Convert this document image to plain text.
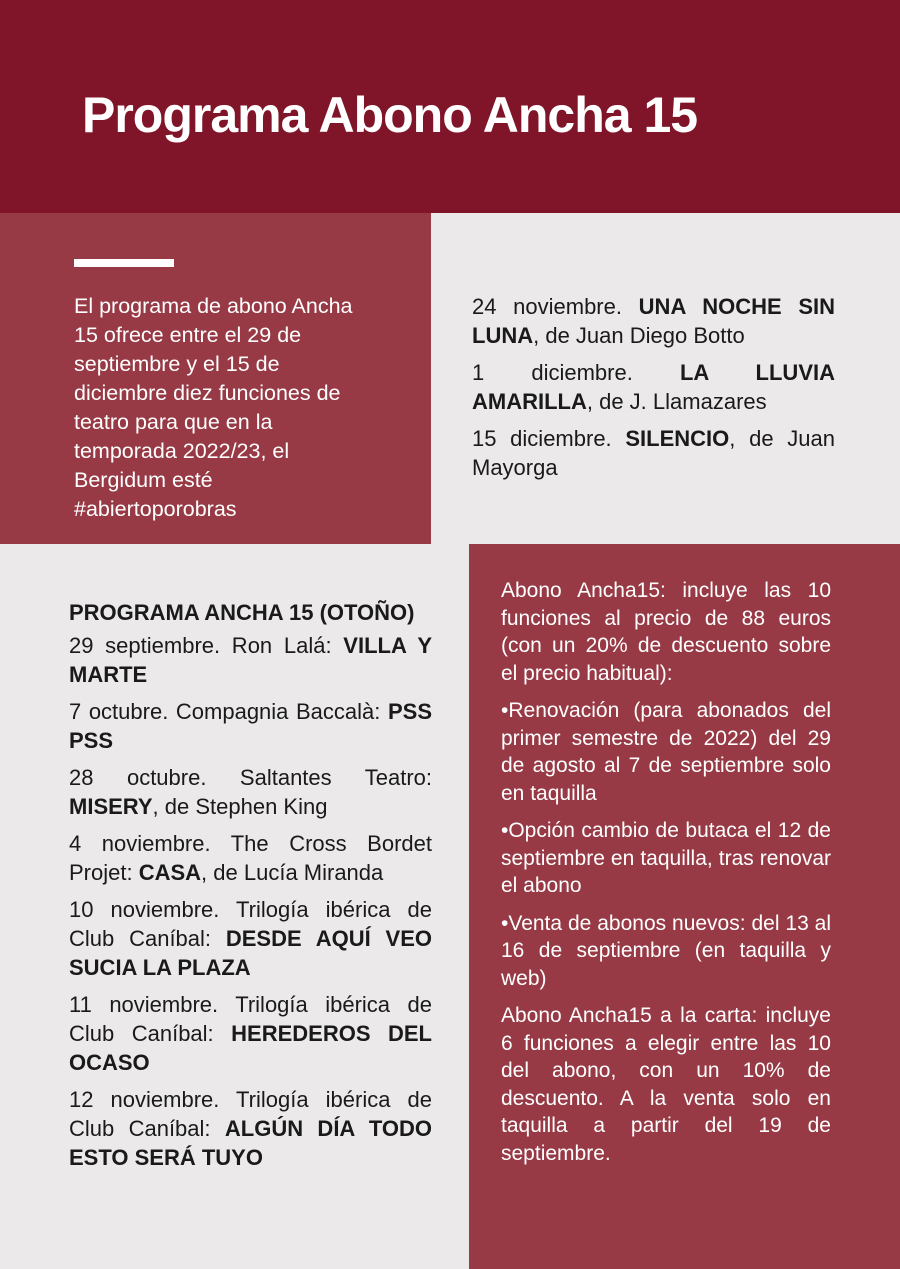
Programa Abono Ancha 15

El programa de abono Ancha 15 ofrece entre el 29 de septiembre y el 15 de diciembre diez funciones de teatro para que en la temporada 2022/23, el Bergidum esté #abiertoporobras

24 noviembre. UNA NOCHE SIN LUNA, de Juan Diego Botto

1 diciembre. LA LLUVIA AMARILLA, de J. Llamazares

15 diciembre. SILENCIO, de Juan Mayorga

PROGRAMA ANCHA 15 (OTOÑO)

29 septiembre. Ron Lalá: VILLA Y MARTE

7 octubre. Compagnia Baccalà: PSS PSS

28 octubre. Saltantes Teatro: MISERY, de Stephen King

4 noviembre. The Cross Bordet Projet: CASA, de Lucía Miranda

10 noviembre. Trilogía ibérica de Club Caníbal: DESDE AQUÍ VEO SUCIA LA PLAZA

11 noviembre. Trilogía ibérica de Club Caníbal: HEREDEROS DEL OCASO

12 noviembre. Trilogía ibérica de Club Caníbal: ALGÚN DÍA TODO ESTO SERÁ TUYO

Abono Ancha15: incluye las 10 funciones al precio de 88 euros (con un 20% de descuento sobre el precio habitual):

•Renovación (para abonados del primer semestre de 2022) del 29 de agosto al 7 de septiembre solo en taquilla

•Opción cambio de butaca el 12 de septiembre en taquilla, tras renovar el abono

•Venta de abonos nuevos: del 13 al 16 de septiembre (en taquilla y web)

Abono Ancha15 a la carta: incluye 6 funciones a elegir entre las 10 del abono, con un 10% de descuento. A la venta solo en taquilla a partir del 19 de septiembre.
